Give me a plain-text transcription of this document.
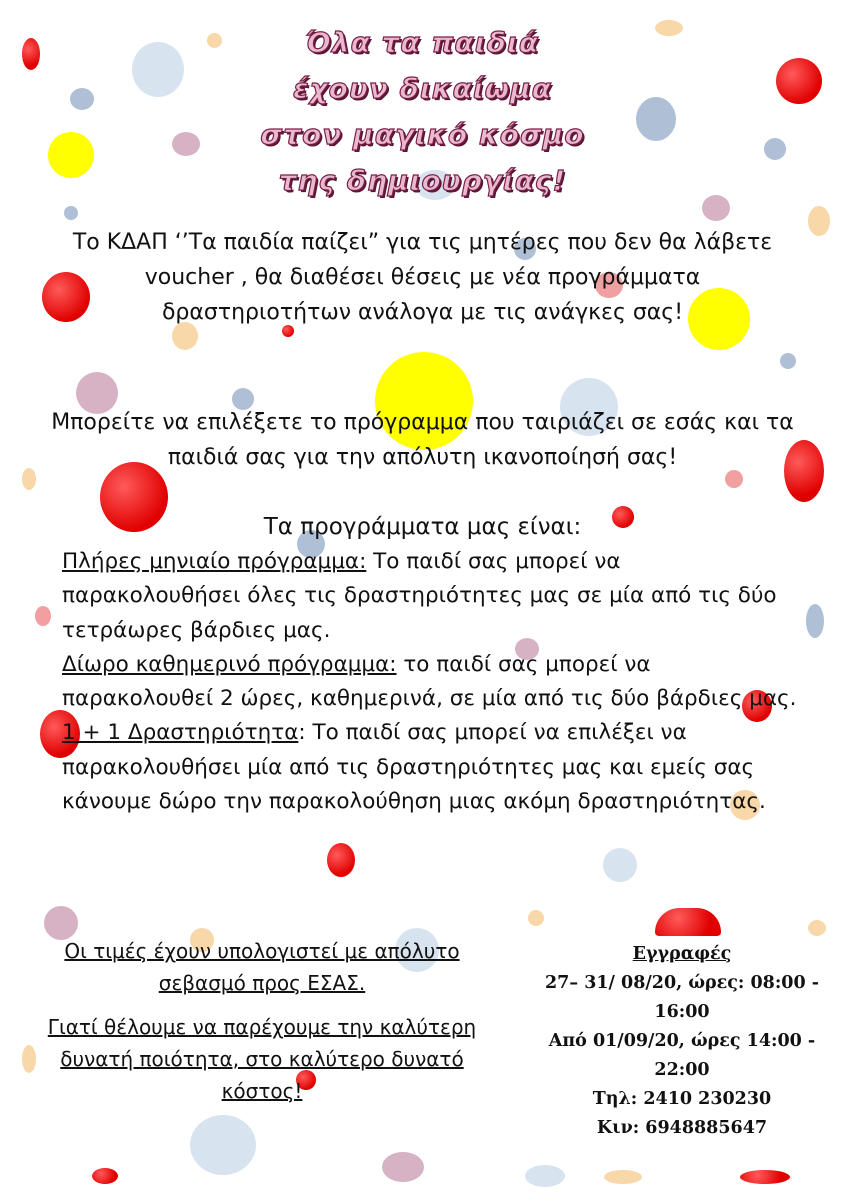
Όλα τα παιδιά
έχουν δικαίωμα
στον μαγικό κόσμο
της δημιουργίας!
Το ΚΔΑΠ ‘’Τα παιδία παίζει” για τις μητέρες που δεν θα λάβετε voucher , θα διαθέσει θέσεις με νέα προγράμματα δραστηριοτήτων ανάλογα με τις ανάγκες σας!
Μπορείτε να επιλέξετε το πρόγραμμα που ταιριάζει σε εσάς και τα παιδιά σας για την απόλυτη ικανοποίησή σας!
Τα προγράμματα μας είναι:

Πλήρες μηνιαίο πρόγραμμα: Το παιδί σας μπορεί να παρακολουθήσει όλες τις δραστηριότητες μας σε μία από τις δύο τετράωρες βάρδιες μας.

Δίωρο καθημερινό πρόγραμμα: το παιδί σας μπορεί να παρακολουθεί 2 ώρες, καθημερινά, σε μία από τις δύο βάρδιες μας.

1 + 1 Δραστηριότητα: Το παιδί σας μπορεί να επιλέξει να παρακολουθήσει μία από τις δραστηριότητες μας και εμείς σας κάνουμε δώρο την παρακολούθηση μιας ακόμη δραστηριότητας.

Οι τιμές έχουν υπολογιστεί με απόλυτο σεβασμό προς ΕΣΑΣ.

Γιατί θέλουμε να παρέχουμε την καλύτερη δυνατή ποιότητα, στο καλύτερο δυνατό κόστος!

Εγγραφές
27– 31/ 08/20, ώρες: 08:00 - 16:00
Από 01/09/20, ώρες 14:00 - 22:00
Τηλ: 2410 230230
Κιν: 6948885647
